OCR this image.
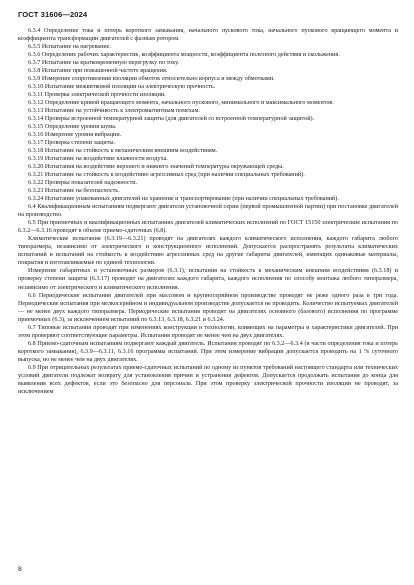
ГОСТ 31606—2024

6.3.4 Определение тока и потерь короткого замыкания, начального пускового тока, начального пускового вращающего момента и коэффициента трансформации двигателей с фазным ротором.

6.3.5 Испытание на нагревание.

6.3.6 Определение рабочих характеристик, коэффициента мощности, коэффициента полезного действия и скольжения.

6.3.7 Испытание на кратковременную перегрузку по току.

6.3.8 Испытание при повышенной частоте вращения.

6.3.9 Измерение сопротивления изоляции обмоток относительно корпуса и между обмотками.

6.3.10 Испытание межвитковой изоляции на электрическую прочность.

6.3.11 Проверка электрической прочности изоляции.

6.3.12 Определение кривой вращающего момента, начального пускового, минимального и максимального моментов.

6.3.13 Испытание на устойчивость к электромагнитным помехам.

6.3.14 Проверка встроенной температурной защиты (для двигателей со встроенной температурной защитой).

6.3.15 Определение уровня шума.

6.3.16 Измерение уровня вибрации.

6.3.17 Проверка степени защиты.

6.3.18 Испытание на стойкость к механическим внешним воздействиям.

6.3.19 Испытание на воздействие влажности воздуха.

6.3.20 Испытания на воздействие верхнего и нижнего значений температуры окружающей среды.

6.3.21 Испытание на стойкость к воздействию агрессивных сред (при наличии специальных требований).

6.3.22 Проверка показателей надежности.

6.3.23 Испытание на безопасность.

6.3.24 Испытание упакованных двигателей на хранение и транспортирование (при наличии специальных требований).

6.4 Квалификационным испытаниям подвергают двигатели установочной серии (первой промышленной партии) при постановке двигателей на производство.

6.5 При приемочных и квалификационных испытаниях двигателей климатических исполнений по ГОСТ 15150 электрические испытания по 6.3.2—6.3.16 проводят в объеме приемо-сдаточных (6.8).

Климатические испытания (6.3.19—6.3.21) проводят на двигателях каждого климатического исполнения, каждого габарита любого типоразмера, независимо от электрического и конструкционного исполнений. Допускается распространять результаты климатических испытаний и испытаний на стойкость к воздействию агрессивных сред на другие габариты двигателей, имеющих одинаковые материалы, покрытия и изготавливаемые по единой технологии.

Измерение габаритных и установочных размеров (6.3.1), испытания на стойкость к механическим внешним воздействиям (6.3.18) и проверку степени защиты (6.3.17) проводят на двигателях каждого габарита, каждого исполнения по способу монтажа любого типоразмера, независимо от электрического и климатического исполнения.

6.6 Периодические испытания двигателей при массовом и крупносерийном производстве проводят не реже одного раза в три года. Периодические испытания при мелкосерийном и индивидуальном производстве допускается не проводить. Количество испытуемых двигателей — не менее двух каждого типоразмера. Периодические испытания проводят на двигателях основного (базового) исполнения по программе приемочных (6.3), за исключением испытаний по 6.3.13, 6.3.18, 6.3.21 и 6.3.24.

6.7 Типовые испытания проводят при изменениях конструкции и технологии, влияющих на параметры и характеристики двигателей. При этом проверяют соответствующие параметры. Испытания проводят не менее чем на двух двигателях.

6.8 Приемо-сдаточным испытаниям подвергают каждый двигатель. Испытания проводят по 6.3.2—6.3.4 (в части определения тока и потерь короткого замыкания), 6.3.9—6.3.11, 6.3.16 программы испытаний. При этом измерение вибрации допускается проводить на 1 % суточного выпуска, но не менее чем на двух двигателях.

6.9 При отрицательных результатах приемо-сдаточных испытаний по одному из пунктов требований настоящего стандарта или технических условий двигатели подлежат возврату для установления причин и устранения дефектов. Допускается продолжать испытания до конца для выявления всех дефектов, если это безопасно для персонала. При этом проверку электрической прочности изоляции не проводят, за исключением

8
